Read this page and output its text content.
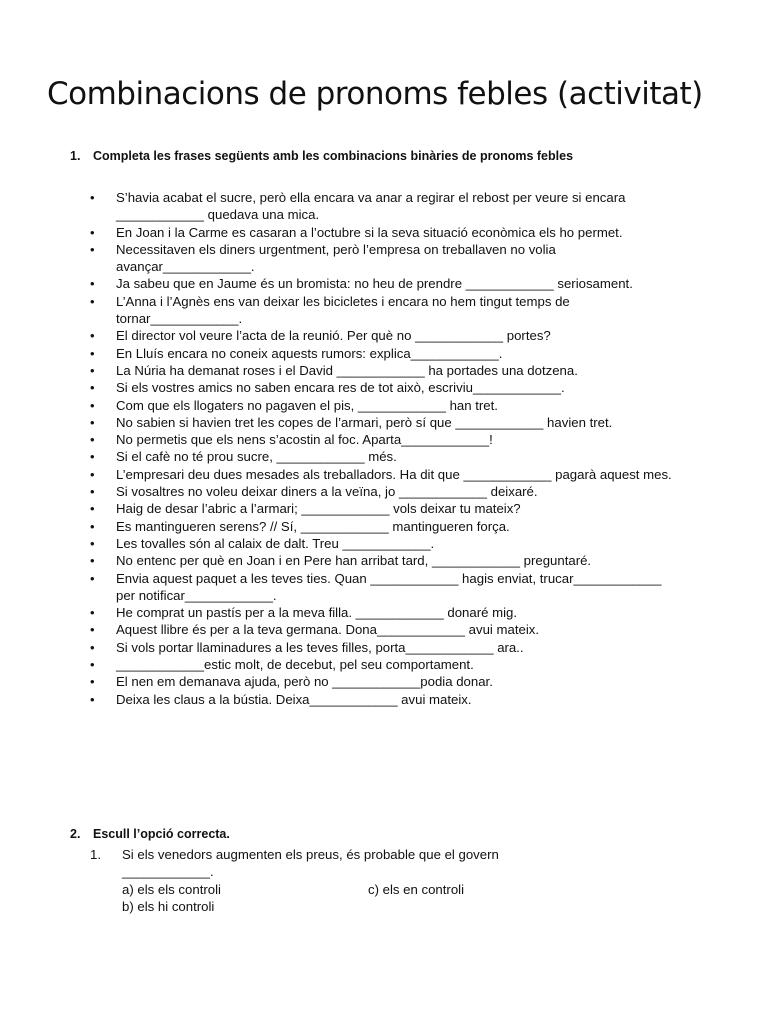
Combinacions de pronoms febles (activitat)
1. Completa les frases següents amb les combinacions binàries de pronoms febles
• S’havia acabat el sucre, però ella encara va anar a regirar el rebost per veure si encara
____________ quedava una mica.
• En Joan i la Carme es casaran a l’octubre si la seva situació econòmica els ho permet.
• Necessitaven els diners urgentment, però l’empresa on treballaven no volia
avançar____________.
• Ja sabeu que en Jaume és un bromista: no heu de prendre ____________ seriosament.
• L’Anna i l’Agnès ens van deixar les bicicletes i encara no hem tingut temps de
tornar____________.
• El director vol veure l’acta de la reunió. Per què no ____________ portes?
• En Lluís encara no coneix aquests rumors: explica____________.
• La Núria ha demanat roses i el David ____________ ha portades una dotzena.
• Si els vostres amics no saben encara res de tot això, escriviu____________.
• Com que els llogaters no pagaven el pis, ____________ han tret.
• No sabien si havien tret les copes de l’armari, però sí que ____________ havien tret.
• No permetis que els nens s’acostin al foc. Aparta____________!
• Si el cafè no té prou sucre, ____________ més.
• L’empresari deu dues mesades als treballadors. Ha dit que ____________ pagarà aquest mes.
• Si vosaltres no voleu deixar diners a la veïna, jo ____________ deixaré.
• Haig de desar l’abric a l’armari; ____________ vols deixar tu mateix?
• Es mantingueren serens? // Sí, ____________ mantingueren força.
• Les tovalles són al calaix de dalt. Treu ____________.
• No entenc per què en Joan i en Pere han arribat tard, ____________ preguntaré.
• Envia aquest paquet a les teves ties. Quan ____________ hagis enviat, trucar____________
per notificar____________.
• He comprat un pastís per a la meva filla. ____________ donaré mig.
• Aquest llibre és per a la teva germana. Dona____________ avui mateix.
• Si vols portar llaminadures a les teves filles, porta____________ ara..
• ____________estic molt, de decebut, pel seu comportament.
• El nen em demanava ajuda, però no ____________podia donar.
• Deixa les claus a la bústia. Deixa____________ avui mateix.
2. Escull l’opció correcta.
1. Si els venedors augmenten els preus, és probable que el govern
____________.
a) els els controli	c) els en controli
b) els hi controli
